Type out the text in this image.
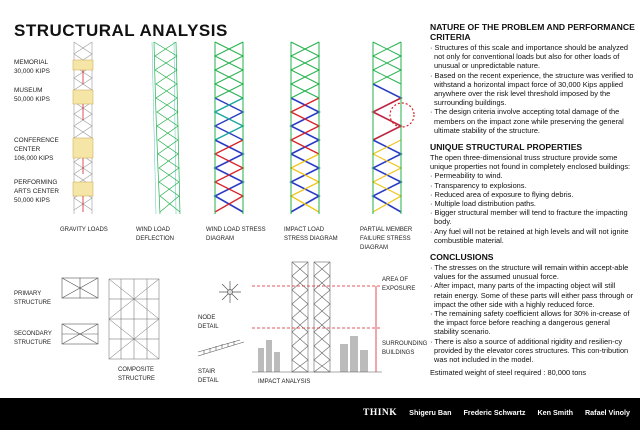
STRUCTURAL ANALYSIS
MEMORIAL
30,000 KIPS
MUSEUM
50,000 KIPS
CONFERENCE CENTER
106,000 KIPS
PERFORMING ARTS CENTER
50,000 KIPS
GRAVITY LOADS	WIND LOAD DEFLECTION
WIND LOAD STRESS DIAGRAM
IMPACT LOAD STRESS DIAGRAM
PARTIAL MEMBER FAILURE STRESS DIAGRAM
PRIMARY STRUCTURE
SECONDARY STRUCTURE
COMPOSITE STRUCTURE
NODE DETAIL
STAIR DETAIL	IMPACT ANALYSIS
AREA OF EXPOSURE
SURROUNDING BUILDINGS
NATURE OF THE PROBLEM AND PERFORMANCE CRITERIA

· Structures of this scale and importance should be analyzed not only for conventional loads but also for other loads of unusual or unpredictable nature.

· Based on the recent experience, the structure was verified to withstand a horizontal impact force of 30,000 Kips applied anywhere over the risk level threshold imposed by the surrounding buildings.

· The design criteria involve accepting total damage of the members on the impact zone while preserving the general ultimate stability of the structure.

UNIQUE STRUCTURAL PROPERTIES

The open three-dimensional truss structure provide some unique properties not found in completely enclosed buildings:

· Permeability to wind.

· Transparency to explosions.

· Reduced area of exposure to flying debris.

· Multiple load distribution paths.

· Bigger structural member will tend to fracture the impacting body.

· Any fuel will not be retained at high levels and will not ignite combustible material.

CONCLUSIONS

· The stresses on the structure will remain within accept-able values for the assumed unusual force.

· After impact, many parts of the impacting object will still retain energy. Some of these parts will either pass through or impact the other side with a highly reduced force.

· The remaining safety coefficient allows for 30% in-crease of the impact force before reaching a dangerous general stability scenario.

· There is also a source of additional rigidity and resilien-cy provided by the elevator cores structures. This con-tribution was not included in the model.

Estimated weight of steel required : 80,000 tons

THINK Shigeru Ban Frederic Schwartz Ken Smith Rafael Vinoly
